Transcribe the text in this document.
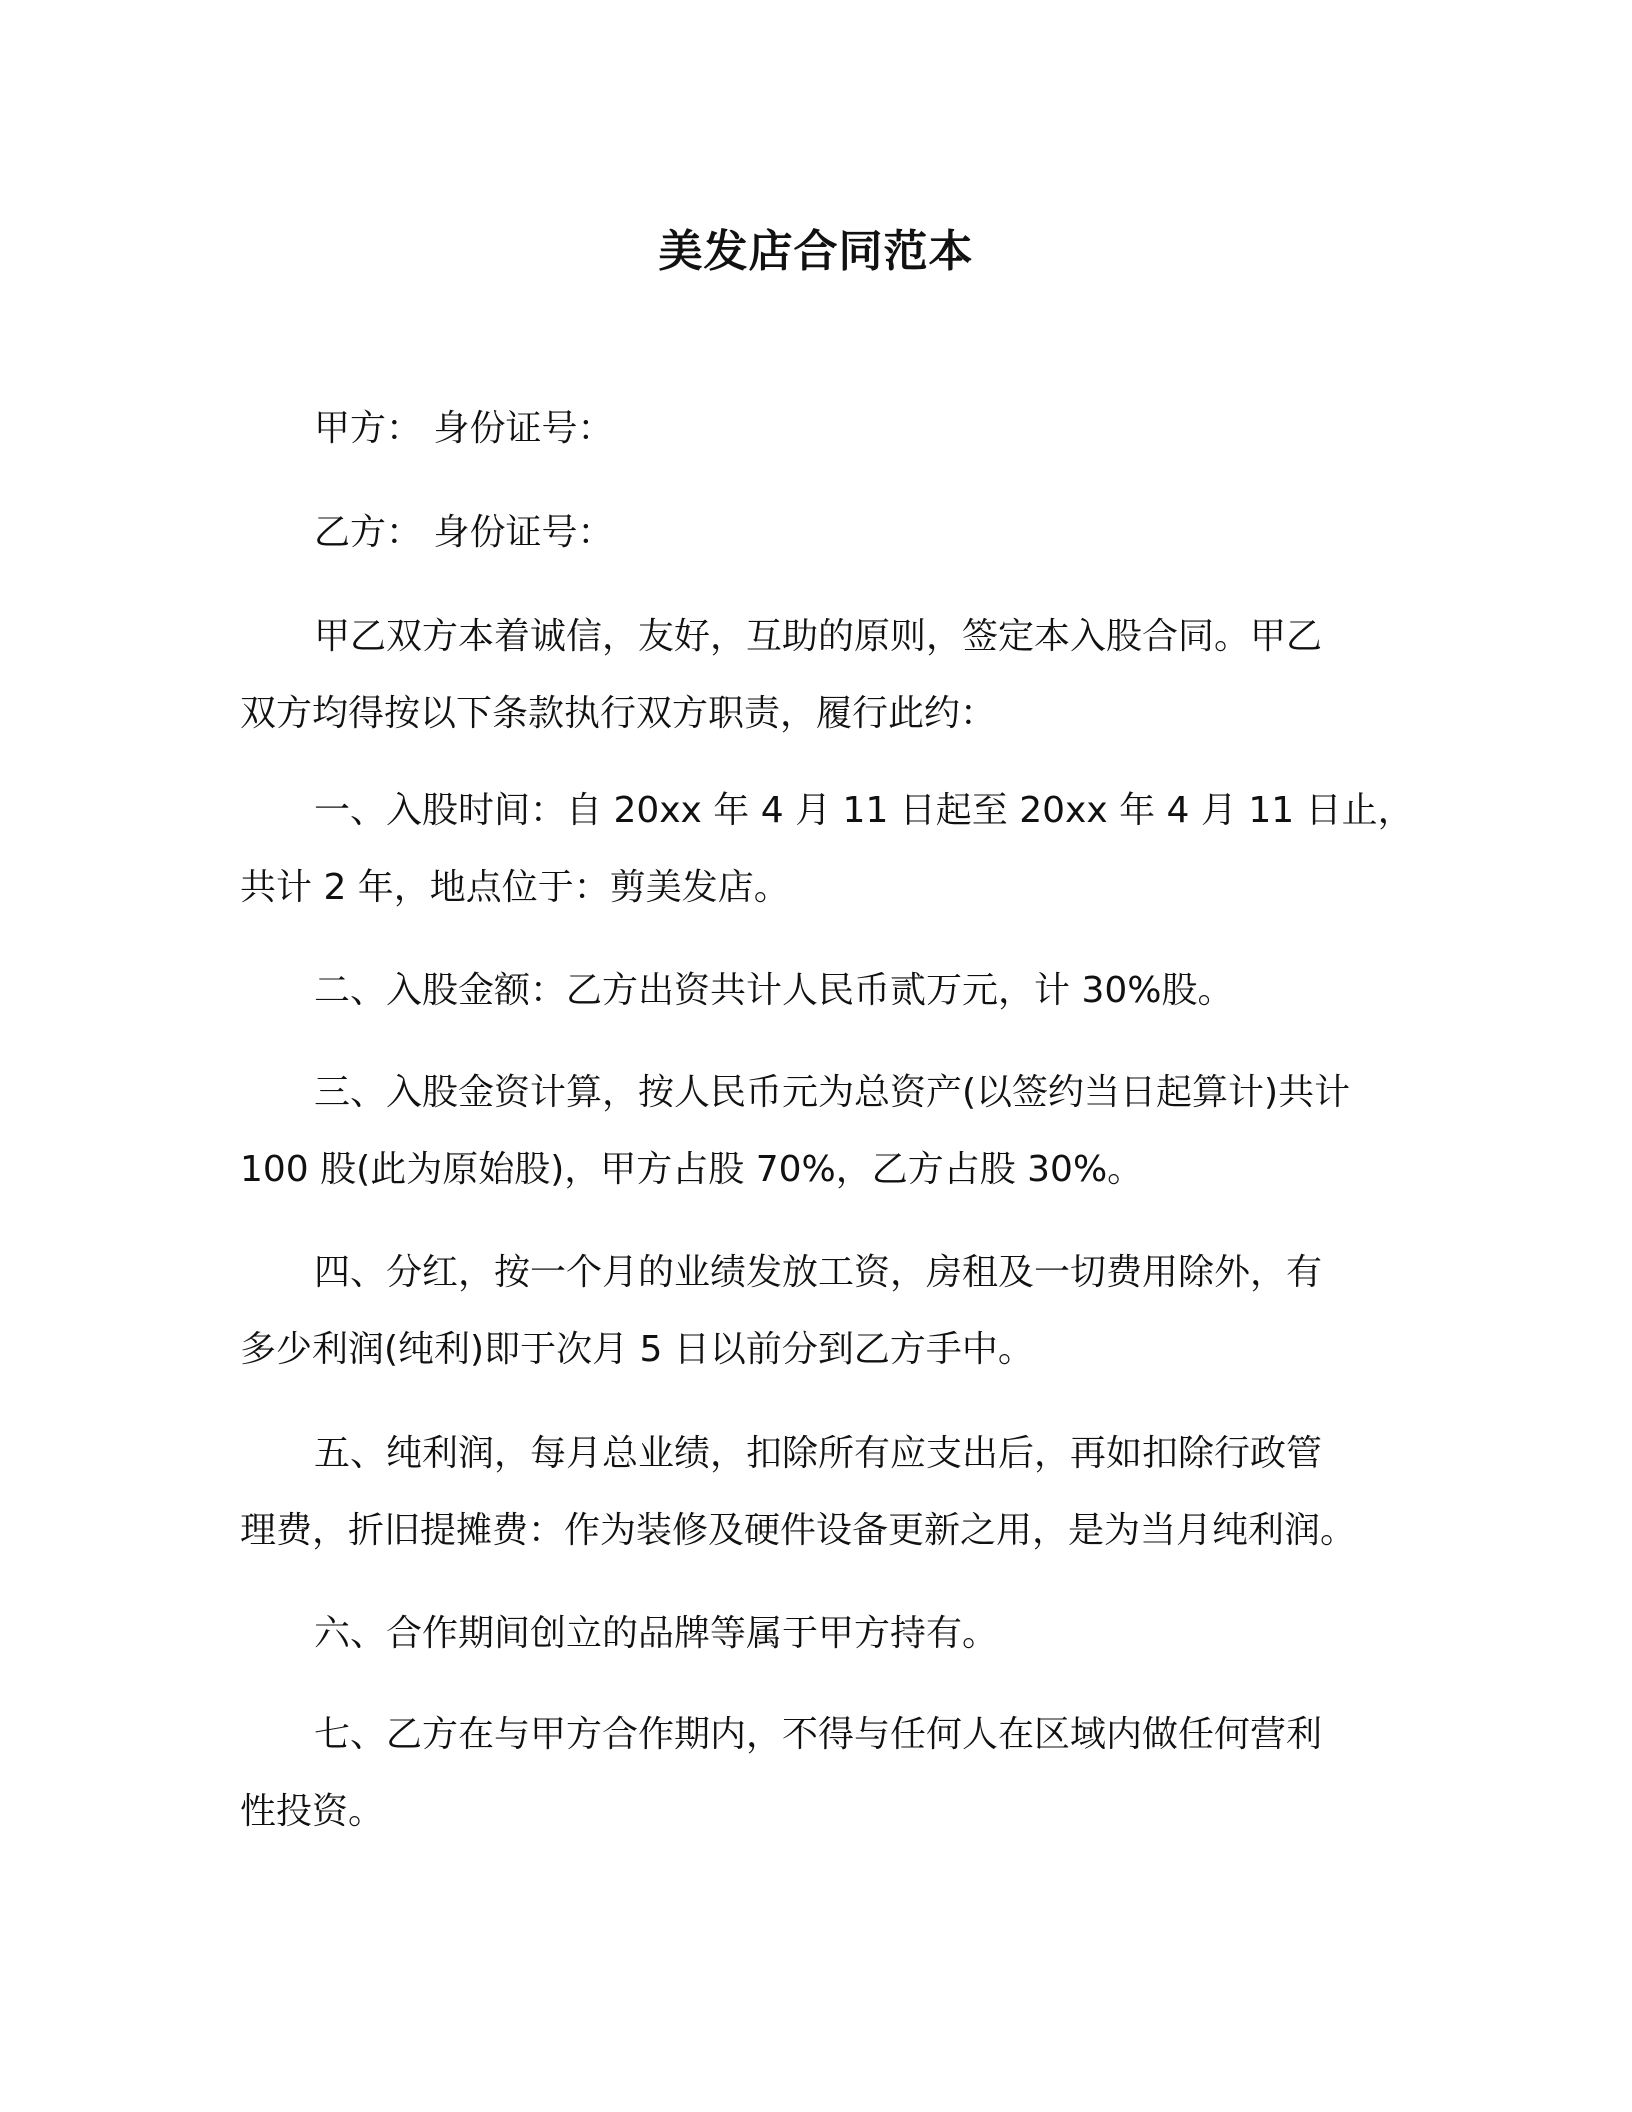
美发店合同范本
甲方： 身份证号：
乙方： 身份证号：
甲乙双方本着诚信，友好，互助的原则，签定本入股合同。甲乙
双方均得按以下条款执行双方职责，履行此约：
一、入股时间：自 20xx 年 4 月 11 日起至 20xx 年 4 月 11 日止，
共计 2 年，地点位于：剪美发店。
二、入股金额：乙方出资共计人民币贰万元，计 30%股。
三、入股金资计算，按人民币元为总资产(以签约当日起算计)共计
100 股(此为原始股)，甲方占股 70%，乙方占股 30%。
四、分红，按一个月的业绩发放工资，房租及一切费用除外，有
多少利润(纯利)即于次月 5 日以前分到乙方手中。
五、纯利润，每月总业绩，扣除所有应支出后，再如扣除行政管
理费，折旧提摊费：作为装修及硬件设备更新之用，是为当月纯利润。
六、合作期间创立的品牌等属于甲方持有。
七、乙方在与甲方合作期内，不得与任何人在区域内做任何营利
性投资。
